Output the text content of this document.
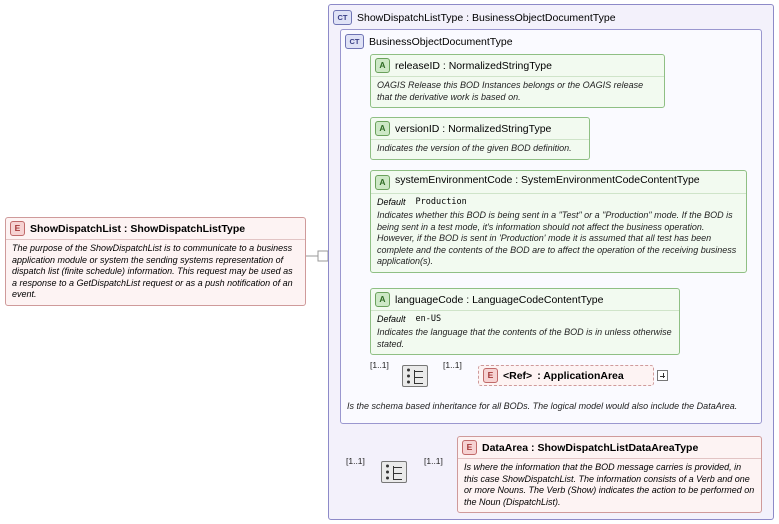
E ShowDispatchList : ShowDispatchListType
The purpose of the ShowDispatchList is to communicate to a business application module or system the sending systems representation of dispatch list (finite schedule) information. This request may be used as a response to a GetDispatchList request or as a push notification of an event.
CT ShowDispatchListType : BusinessObjectDocumentType
CT BusinessObjectDocumentType
Is the schema based inheritance for all BODs. The logical model would also include the DataArea.
A releaseID : NormalizedStringType
OAGIS Release this BOD Instances belongs or the OAGIS release that the derivative work is based on.
A versionID : NormalizedStringType
Indicates the version of the given BOD definition.
A systemEnvironmentCode : SystemEnvironmentCodeContentType
Default Production
Indicates whether this BOD is being sent in a "Test" or a "Production" mode. If the BOD is being sent in a test mode, it's information should not affect the business operation. However, if the BOD is sent in 'Production' mode it is assumed that all test has been complete and the contents of the BOD are to affect the operation of the receiving business application(s).
A languageCode : LanguageCodeContentType
Default en-US
Indicates the language that the contents of the BOD is in unless otherwise stated.
[1..1]	[1..1]
E <Ref> : ApplicationArea
[1..1]	[1..1]
E DataArea : ShowDispatchListDataAreaType
Is where the information that the BOD message carries is provided, in this case ShowDispatchList. The information consists of a Verb and one or more Nouns. The Verb (Show) indicates the action to be performed on the Noun (DispatchList).
